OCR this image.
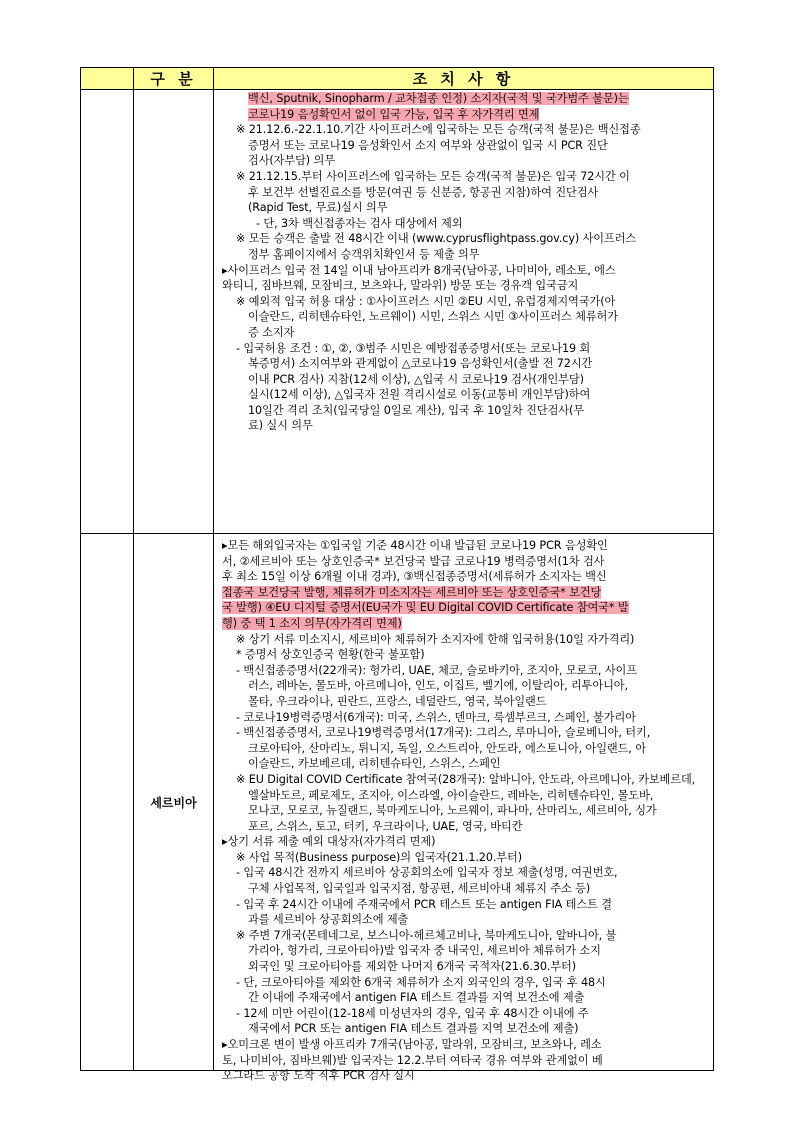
구 분	조 치 사 항
백신, Sputnik, Sinopharm / 교차접종 인정) 소지자(국적 및 국가범주 불문)는
코로나19 음성확인서 없이 입국 가능, 입국 후 자가격리 면제
※ 21.12.6.-22.1.10.기간 사이프러스에 입국하는 모든 승객(국적 불문)은 백신접종
증명서 또는 코로나19 음성확인서 소지 여부와 상관없이 입국 시 PCR 진단
검사(자부담) 의무
※ 21.12.15.부터 사이프러스에 입국하는 모든 승객(국적 불문)은 입국 72시간 이
후 보건부 선별진료소를 방문(여권 등 신분증, 항공권 지참)하여 진단검사
(Rapid Test, 무료)실시 의무
- 단, 3차 백신접종자는 검사 대상에서 제외
※ 모든 승객은 출발 전 48시간 이내 (www.cyprusflightpass.gov.cy) 사이프러스
정부 홈페이지에서 승객위치확인서 등 제출 의무
▸사이프러스 입국 전 14일 이내 남아프리카 8개국(남아공, 나미비아, 레소토, 에스
와티니, 짐바브웨, 모잠비크, 보츠와나, 말라위) 방문 또는 경유객 입국금지
※ 예외적 입국 허용 대상 : ①사이프러스 시민 ②EU 시민, 유럽경제지역국가(아
이슬란드, 리히텐슈타인, 노르웨이) 시민, 스위스 시민 ③사이프러스 체류허가
증 소지자
- 입국허용 조건 : ①, ②, ③범주 시민은 예방접종증명서(또는 코로나19 회
복증명서) 소지여부와 관계없이 △코로나19 음성확인서(출발 전 72시간
이내 PCR 검사) 지참(12세 이상), △입국 시 코로나19 검사(개인부담)
실시(12세 이상), △입국자 전원 격리시설로 이동(교통비 개인부담)하여
10일간 격리 조치(입국당일 0일로 계산), 입국 후 10일차 진단검사(무
료) 실시 의무
세르비아
▸모든 해외입국자는 ①입국일 기준 48시간 이내 발급된 코로나19 PCR 음성확인
서, ②세르비아 또는 상호인증국* 보건당국 발급 코로나19 병력증명서(1차 검사
후 최소 15일 이상 6개월 이내 경과), ③백신접종증명서(세류허가 소지자는 백신
접종국 보건당국 발행, 체류허가 미소지자는 세르비아 또는 상호인증국* 보건당
국 발행) ④EU 디지털 증명서(EU국가 및 EU Digital COVID Certificate 참여국* 발
행) 중 택 1 소지 의무(자가격리 면제)
※ 상기 서류 미소지시, 세르비아 체류허가 소지자에 한해 입국허용(10일 자가격리)
* 증명서 상호인증국 현황(한국 불포함)
- 백신접종증명서(22개국): 헝가리, UAE, 체코, 슬로바키아, 조지아, 모로코, 사이프
러스, 레바논, 몰도바, 아르메니아, 인도, 이집트, 벨기에, 이탈리아, 리투아니아,
몰타, 우크라이나, 핀란드, 프랑스, 네덜란드, 영국, 북아일랜드
- 코로나19병력증명서(6개국): 미국, 스위스, 덴마크, 룩셈부르크, 스페인, 불가리아
- 백신접종증명서, 코로나19병력증명서(17개국): 그리스, 루마니아, 슬로베니아, 터키,
크로아티아, 산마리노, 튀니지, 독일, 오스트리아, 안도라, 에스토니아, 아일랜드, 아
이슬란드, 카보베르데, 리히텐슈타인, 스위스, 스페인
※ EU Digital COVID Certificate 참여국(28개국): 알바니아, 안도라, 아르메니아, 카보베르데,
엘살바도르, 페로제도, 조지아, 이스라엘, 아이슬란드, 레바논, 리히텐슈타인, 몰도바,
모나코, 모로코, 뉴질랜드, 북마케도니아, 노르웨이, 파나마, 산마리노, 세르비아, 싱가
포르, 스위스, 토고, 터키, 우크라이나, UAE, 영국, 바티칸
▸상기 서류 제출 예외 대상자(자가격리 면제)
※ 사업 목적(Business purpose)의 입국자(21.1.20.부터)
- 입국 48시간 전까지 세르비아 상공회의소에 입국자 정보 제출(성명, 여권번호,
구체 사업목적, 입국일과 입국지점, 항공편, 세르비아내 체류지 주소 등)
- 입국 후 24시간 이내에 주재국에서 PCR 테스트 또는 antigen FIA 테스트 결
과를 세르비아 상공회의소에 제출
※ 주변 7개국(몬테네그로, 보스니아-헤르체고비나, 북마케도니아, 알바니아, 불
가리아, 헝가리, 크로아티아)발 입국자 중 내국인, 세르비아 체류허가 소지
외국인 및 크로아티아를 제외한 나머지 6개국 국적자(21.6.30.부터)
- 단, 크로아티아를 제외한 6개국 체류허가 소지 외국인의 경우, 입국 후 48시
간 이내에 주재국에서 antigen FIA 테스트 결과를 지역 보건소에 제출
- 12세 미만 어린이(12-18세 미성년자의 경우, 입국 후 48시간 이내에 주
재국에서 PCR 또는 antigen FIA 테스트 결과를 지역 보건소에 제출)
▸오미크론 변이 발생 아프리카 7개국(남아공, 말라위, 모잠비크, 보츠와나, 레소
토, 나미비아, 짐바브웨)발 입국자는 12.2.부터 여타국 경유 여부와 관계없이 베
오그라드 공항 도착 직후 PCR 검사 실시
